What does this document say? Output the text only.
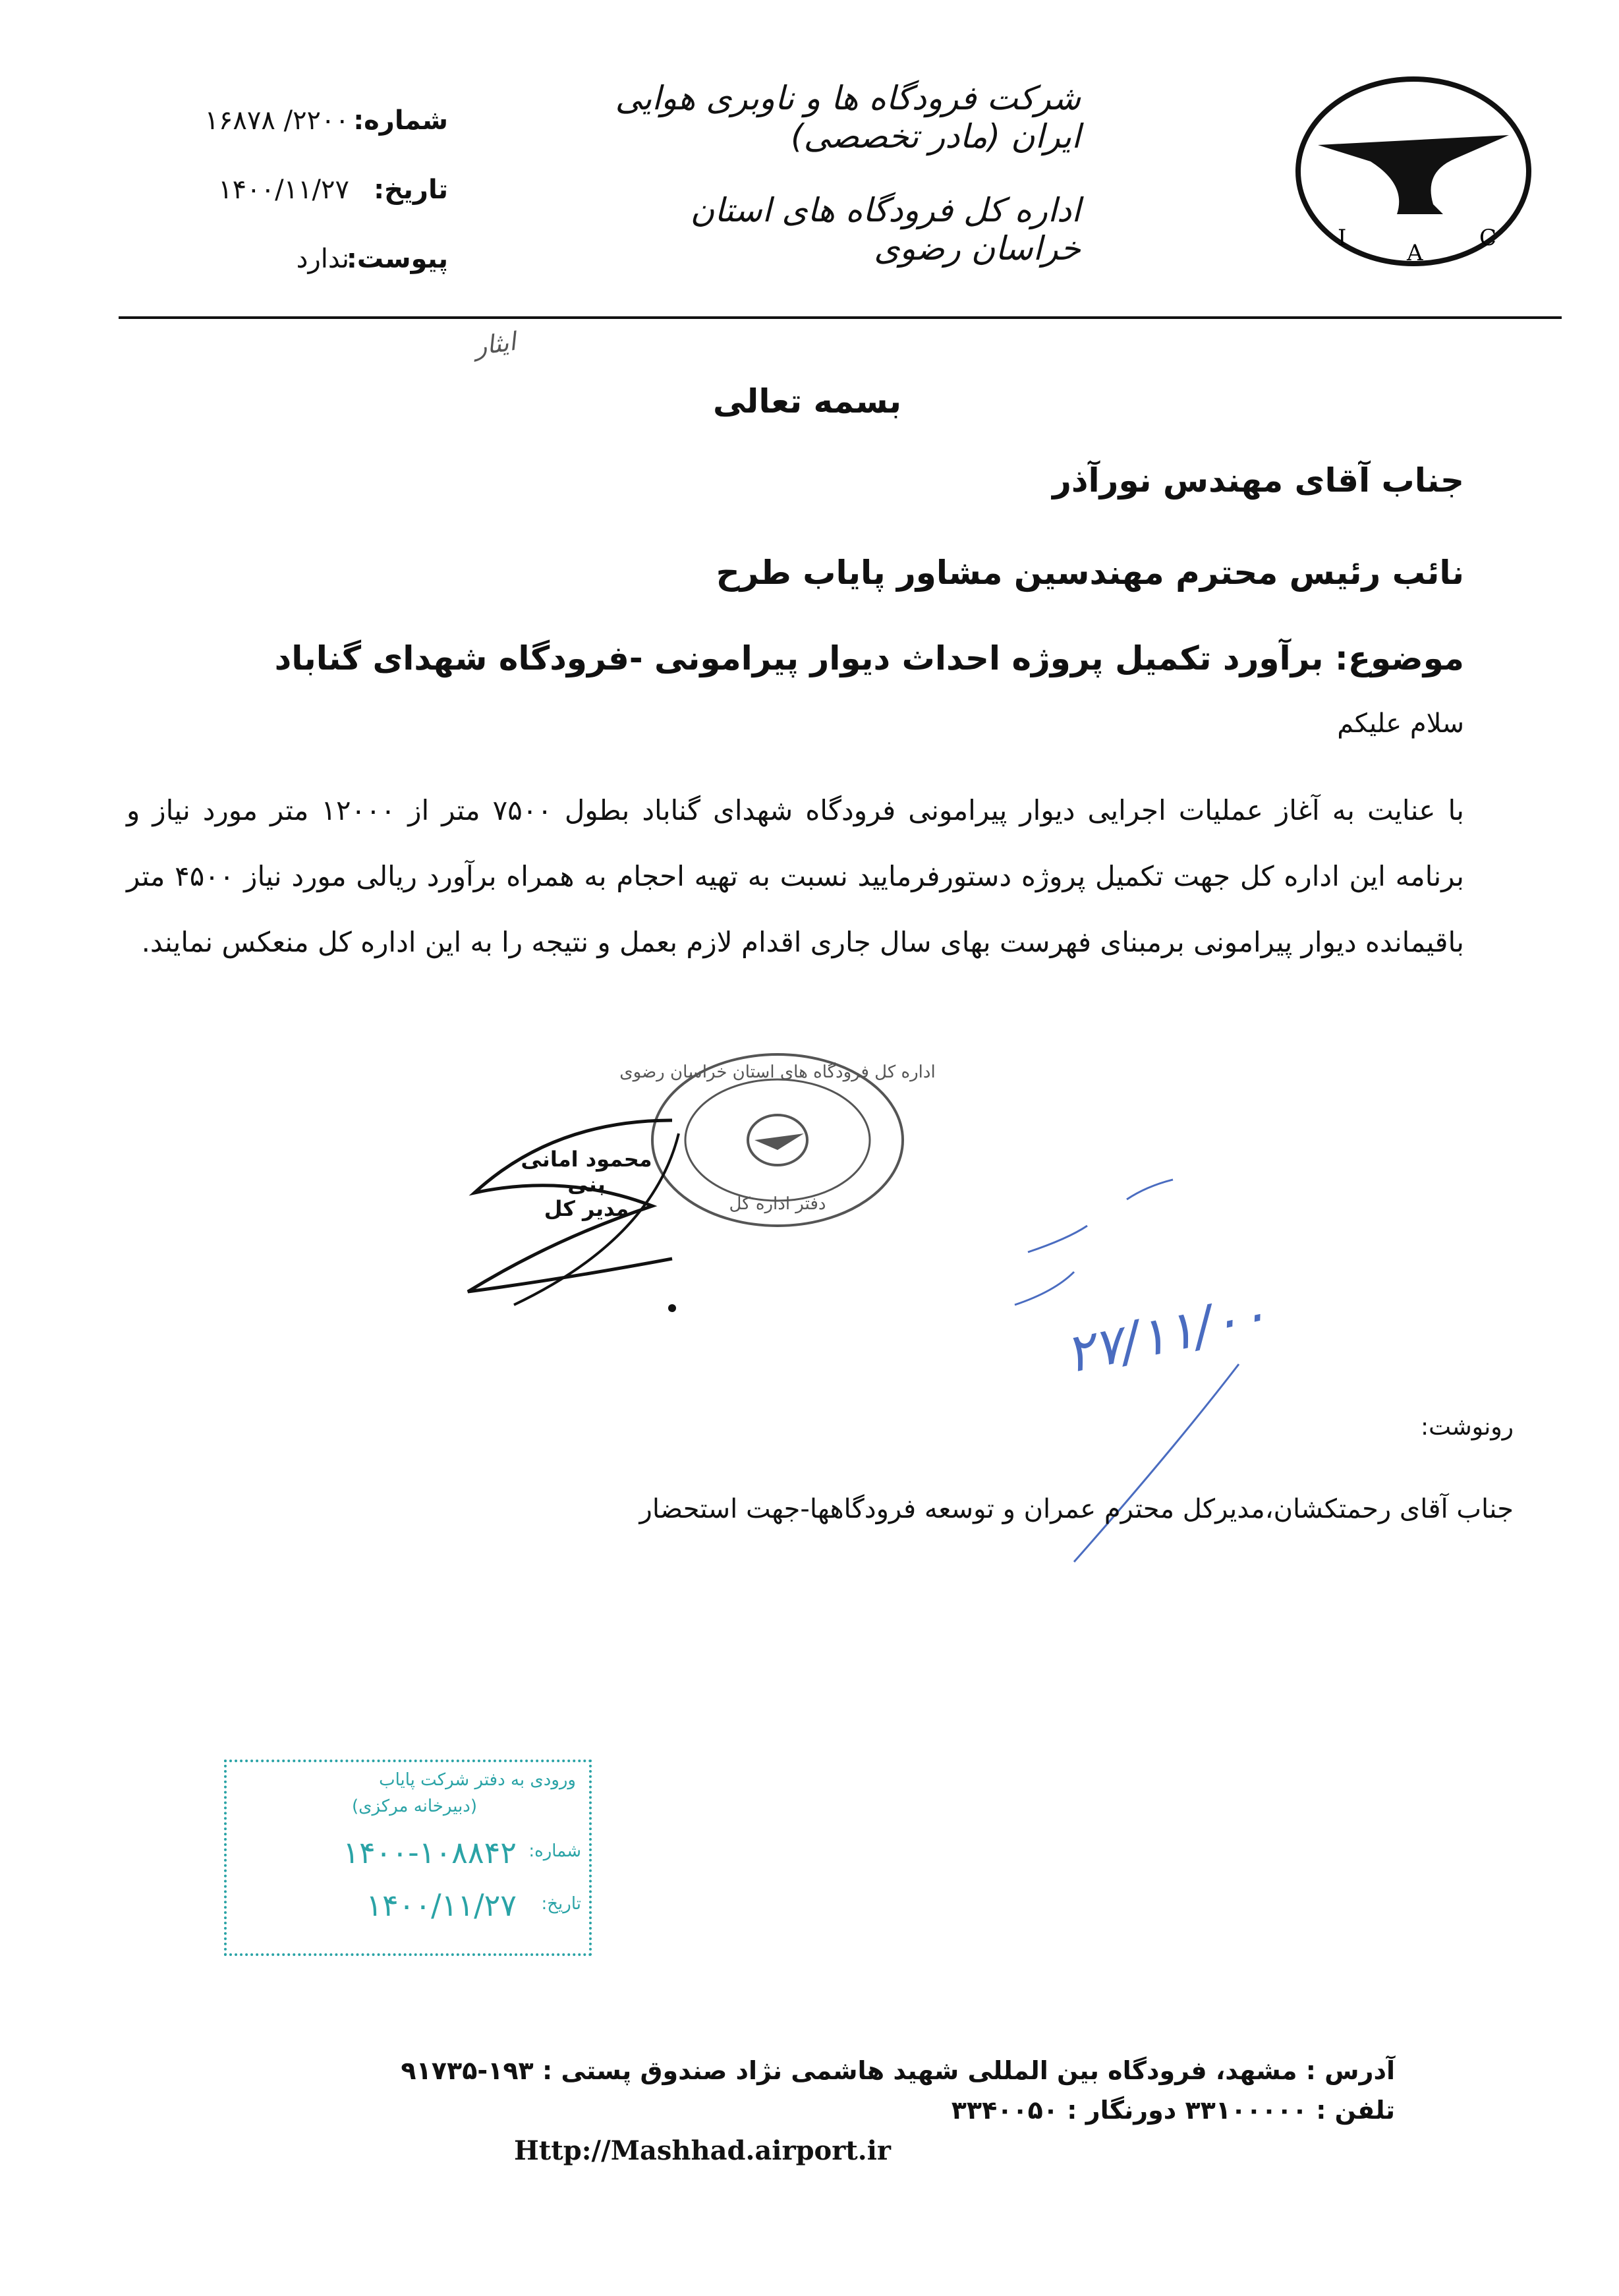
I
A
C
شرکت فرودگاه ها و ناوبری هوایی ایران (مادر تخصصی)
اداره کل فرودگاه های استان خراسان رضوی
شماره:
۲۲۰۰/ ۱۶۸۷۸
تاریخ:
۱۴۰۰/۱۱/۲۷
پیوست:
ندارد
ایثار
بسمه تعالی
جناب آقای مهندس نورآذر
نائب رئیس محترم مهندسین مشاور پایاب طرح
موضوع: برآورد تکمیل پروژه احداث دیوار پیرامونی -فرودگاه شهدای گناباد
سلام علیکم
با عنایت به آغاز عملیات اجرایی دیوار پیرامونی فرودگاه شهدای گناباد بطول ۷۵۰۰ متر از ۱۲۰۰۰ متر مورد نیاز و برنامه این اداره کل جهت تکمیل پروژه دستورفرمایید نسبت به تهیه احجام به همراه برآورد ریالی مورد نیاز ۴۵۰۰ متر باقیمانده دیوار پیرامونی برمبنای فهرست بهای سال جاری اقدام لازم بعمل و نتیجه را به این اداره کل منعکس نمایند.
اداره کل فرودگاه های استان خراسان رضوی
دفتر اداره کل
محمود امانی بنی
مدیر کل
۲۷/۱۱/۰۰
رونوشت:
جناب آقای رحمتکشان،مدیرکل محترم عمران و توسعه فرودگاهها-جهت استحضار
ورودی به دفتر شرکت پایاب
(دبیرخانه مرکزی)
شماره:
۱۴۰۰-۱۰۸۸۴۲
تاریخ:
۱۴۰۰/۱۱/۲۷
آدرس : مشهد، فرودگاه بین المللی شهید هاشمی نژاد صندوق پستی : ۱۹۳-۹۱۷۳۵
تلفن : ۳۳۱۰۰۰۰۰ دورنگار : ۳۳۴۰۰۵۰
Http://Mashhad.airport.ir
